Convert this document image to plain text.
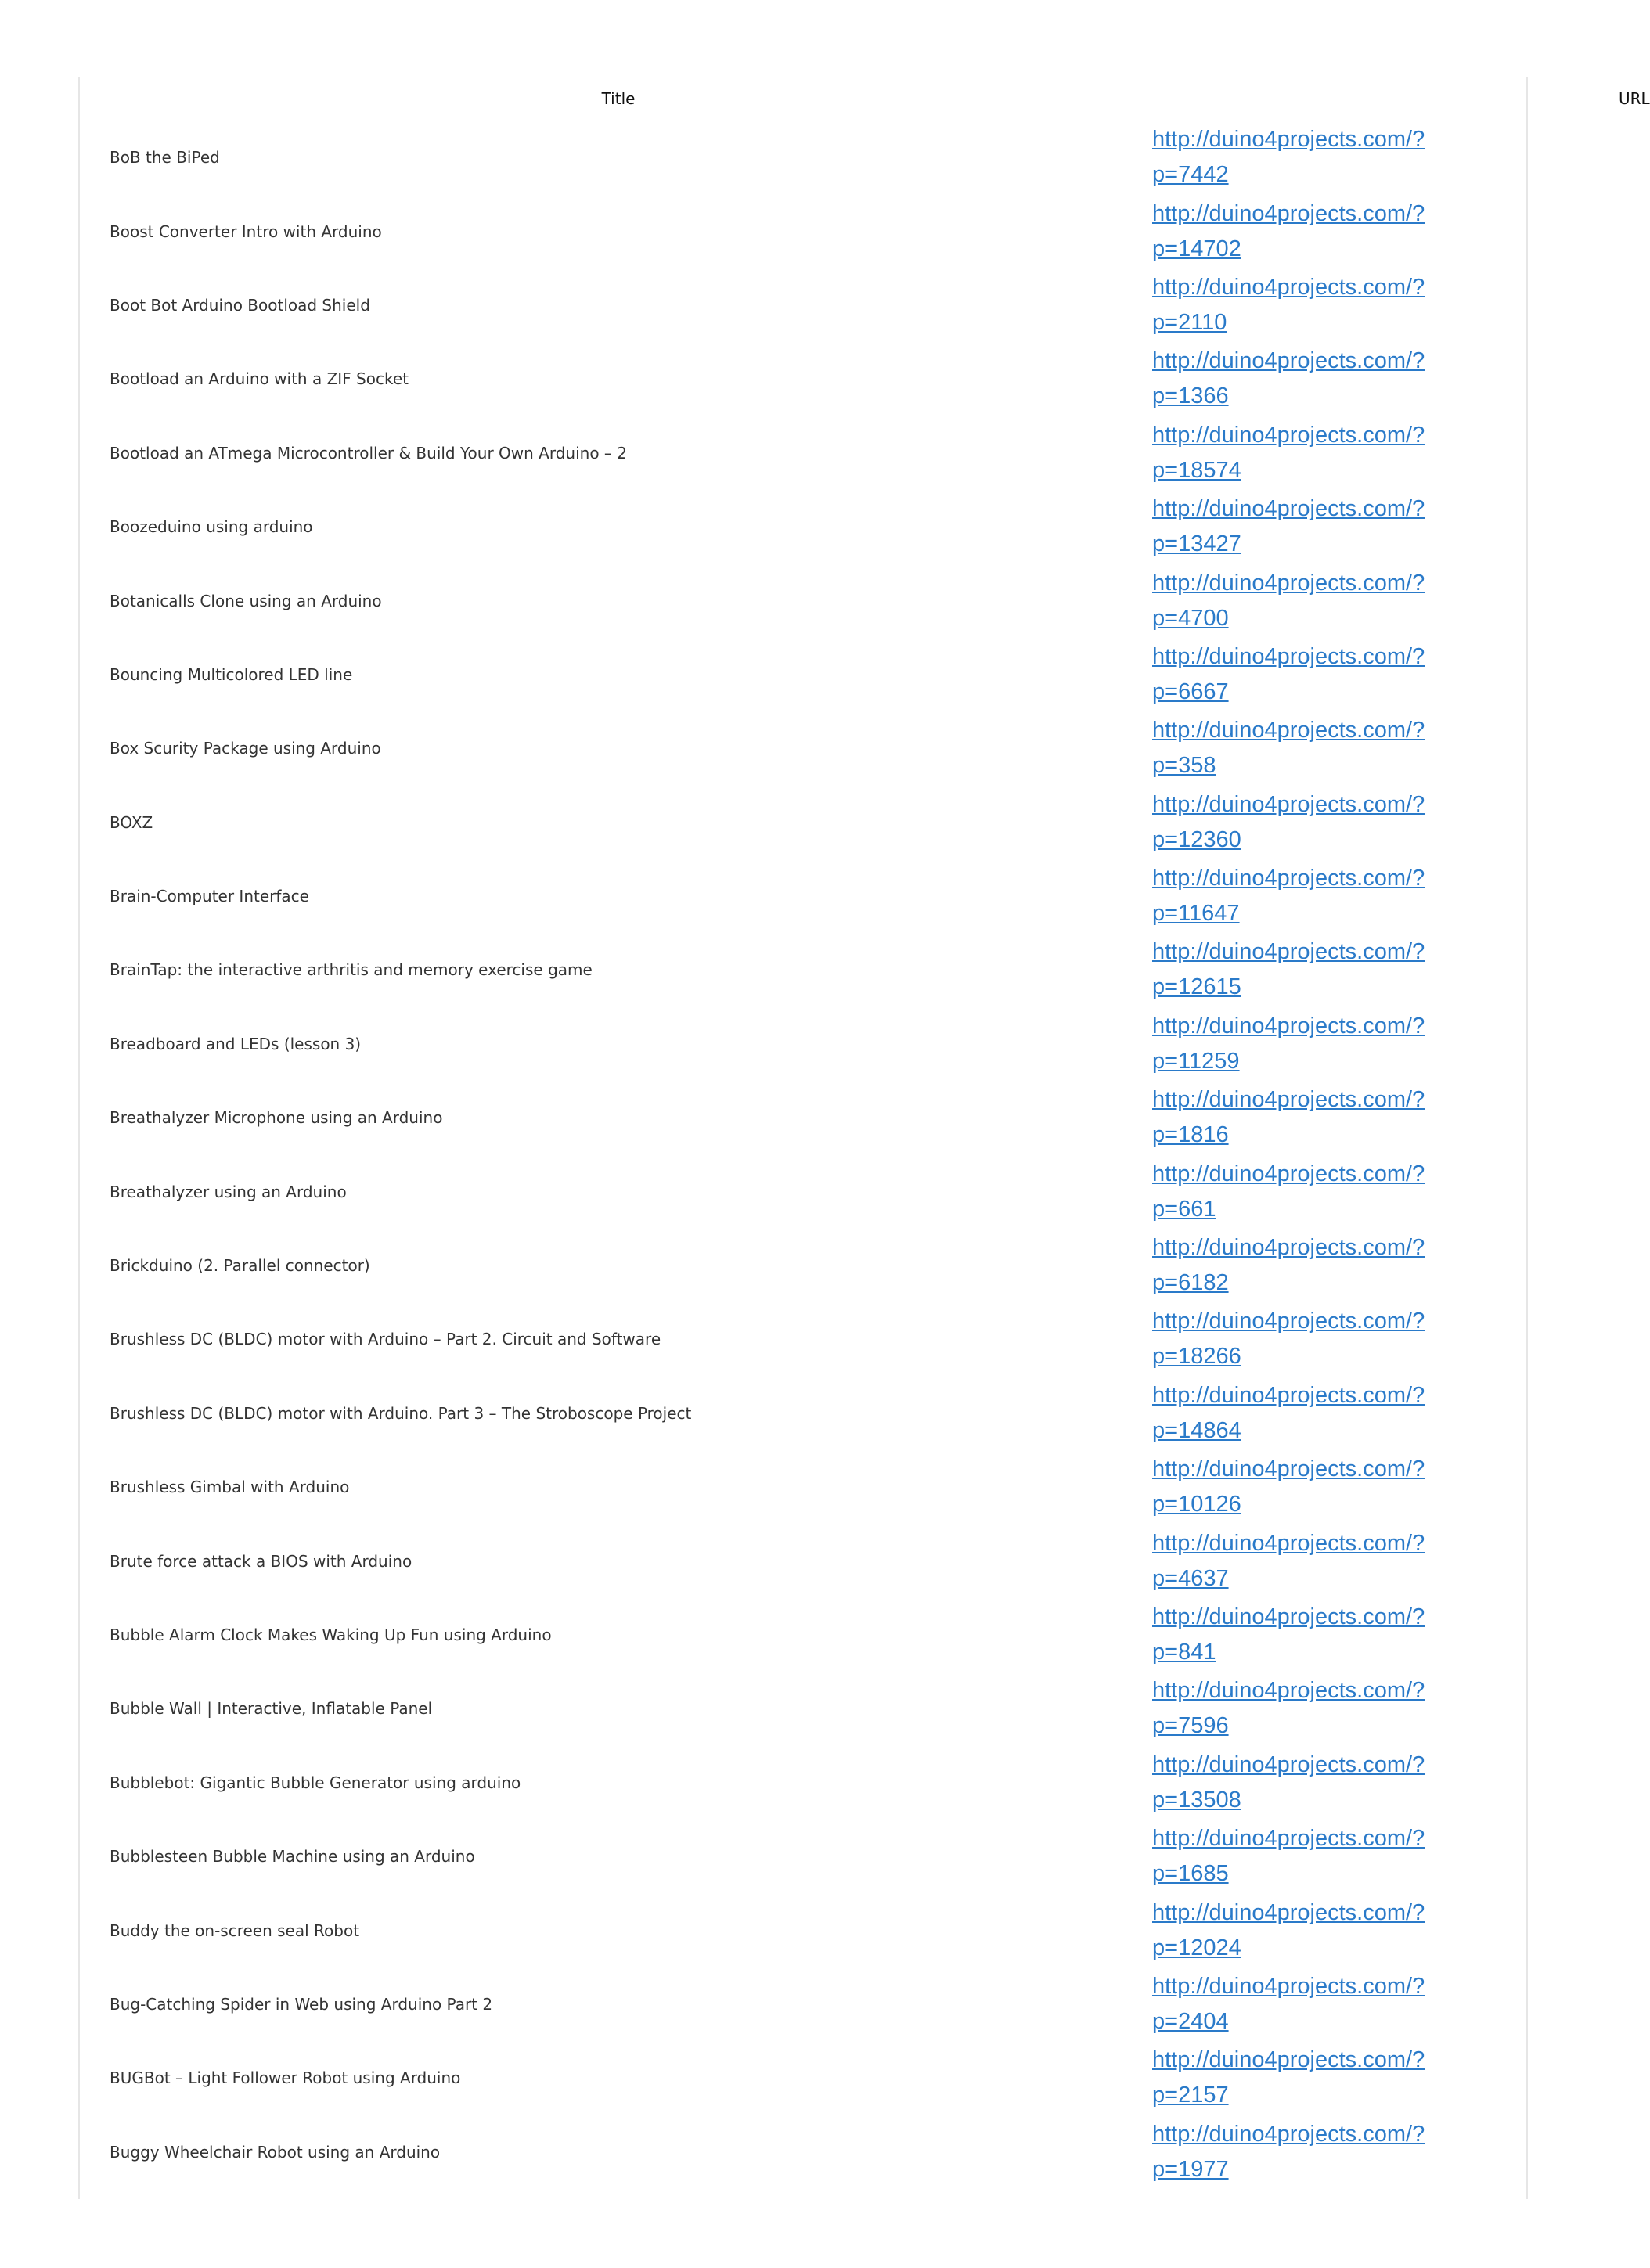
Title	URL
BoB the BiPed	http://duino4projects.com/?
p=7442

Boost Converter Intro with Arduino	http://duino4projects.com/?
p=14702

Boot Bot Arduino Bootload Shield	http://duino4projects.com/?
p=2110

Bootload an Arduino with a ZIF Socket	http://duino4projects.com/?
p=1366

Bootload an ATmega Microcontroller & Build Your Own Arduino – 2	http://duino4projects.com/?
p=18574

Boozeduino using arduino	http://duino4projects.com/?
p=13427

Botanicalls Clone using an Arduino	http://duino4projects.com/?
p=4700

Bouncing Multicolored LED line	http://duino4projects.com/?
p=6667

Box Scurity Package using Arduino	http://duino4projects.com/?
p=358

BOXZ	http://duino4projects.com/?
p=12360

Brain-Computer Interface	http://duino4projects.com/?
p=11647

BrainTap: the interactive arthritis and memory exercise game	http://duino4projects.com/?
p=12615

Breadboard and LEDs (lesson 3)	http://duino4projects.com/?
p=11259

Breathalyzer Microphone using an Arduino	http://duino4projects.com/?
p=1816

Breathalyzer using an Arduino	http://duino4projects.com/?
p=661

Brickduino (2. Parallel connector)	http://duino4projects.com/?
p=6182

Brushless DC (BLDC) motor with Arduino – Part 2. Circuit and Software	http://duino4projects.com/?
p=18266

Brushless DC (BLDC) motor with Arduino. Part 3 – The Stroboscope Project	http://duino4projects.com/?
p=14864

Brushless Gimbal with Arduino	http://duino4projects.com/?
p=10126

Brute force attack a BIOS with Arduino	http://duino4projects.com/?
p=4637

Bubble Alarm Clock Makes Waking Up Fun using Arduino	http://duino4projects.com/?
p=841

Bubble Wall | Interactive, Inflatable Panel	http://duino4projects.com/?
p=7596

Bubblebot: Gigantic Bubble Generator using arduino	http://duino4projects.com/?
p=13508

Bubblesteen Bubble Machine using an Arduino	http://duino4projects.com/?
p=1685

Buddy the on-screen seal Robot	http://duino4projects.com/?
p=12024

Bug-Catching Spider in Web using Arduino Part 2	http://duino4projects.com/?
p=2404

BUGBot – Light Follower Robot using Arduino	http://duino4projects.com/?
p=2157

Buggy Wheelchair Robot using an Arduino	http://duino4projects.com/?
p=1977
